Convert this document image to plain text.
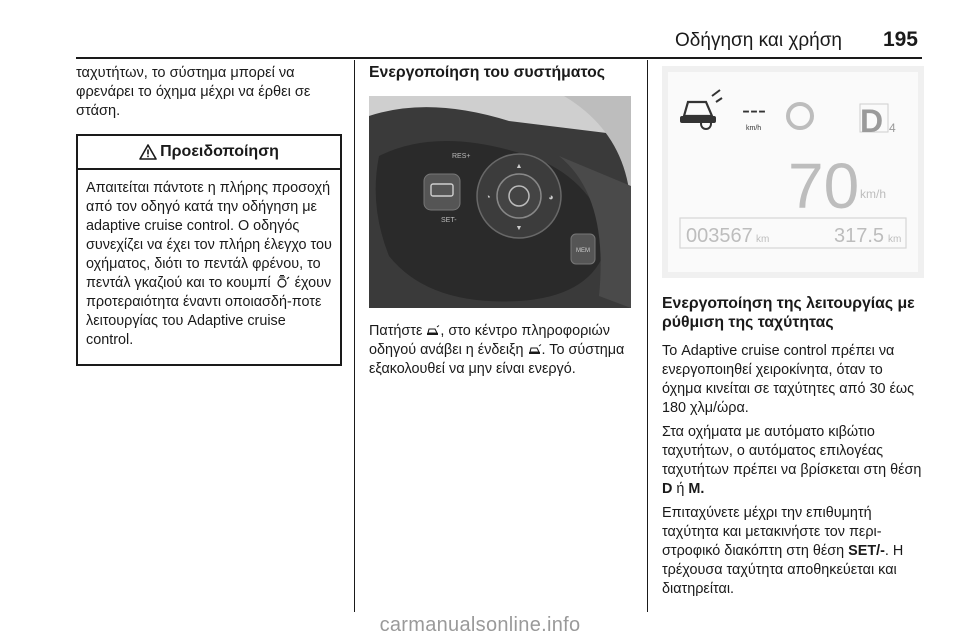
Οδήγηση και χρήση 195
ταχυτήτων, το σύστημα μπορεί να φρενάρει το όχημα μέχρι να έρθει σε στάση.
Προειδοποίηση
Απαιτείται πάντοτε η πλήρης προσοχή από τον οδηγό κατά την οδήγηση με adaptive cruise control. Ο οδηγός συνεχίζει να έχει τον πλήρη έλεγχο του οχήματος, διότι το πεντάλ φρένου, το πεντάλ γκαζιού και το κουμπί έχουν προτεραιότητα έναντι οποιασδή-ποτε λειτουργίας του Adaptive cruise control.
Ενεργοποίηση του συστήματος
▲
▼
◔	◕
RES+
SET-
MEM
Πατήστε , στο κέντρο πληροφοριών οδηγού ανάβει η ένδειξη . Το σύστημα εξακολουθεί να μην είναι ενεργό.
---
km/h	D 4
70 km/h
003567 km	317.5 km
Ενεργοποίηση της λειτουργίας με ρύθμιση της ταχύτητας

Το Adaptive cruise control πρέπει να ενεργοποιηθεί χειροκίνητα, όταν το όχημα κινείται σε ταχύτητες από 30 έως 180 χλμ/ώρα.

Στα οχήματα με αυτόματο κιβώτιο ταχυτήτων, ο αυτόματος επιλογέας ταχυτήτων πρέπει να βρίσκεται στη θέση D ή M.

Επιταχύνετε μέχρι την επιθυμητή ταχύτητα και μετακινήστε τον περι-στροφικό διακόπτη στη θέση SET/-. Η τρέχουσα ταχύτητα αποθηκεύεται και διατηρείται.

carmanualsonline.info
